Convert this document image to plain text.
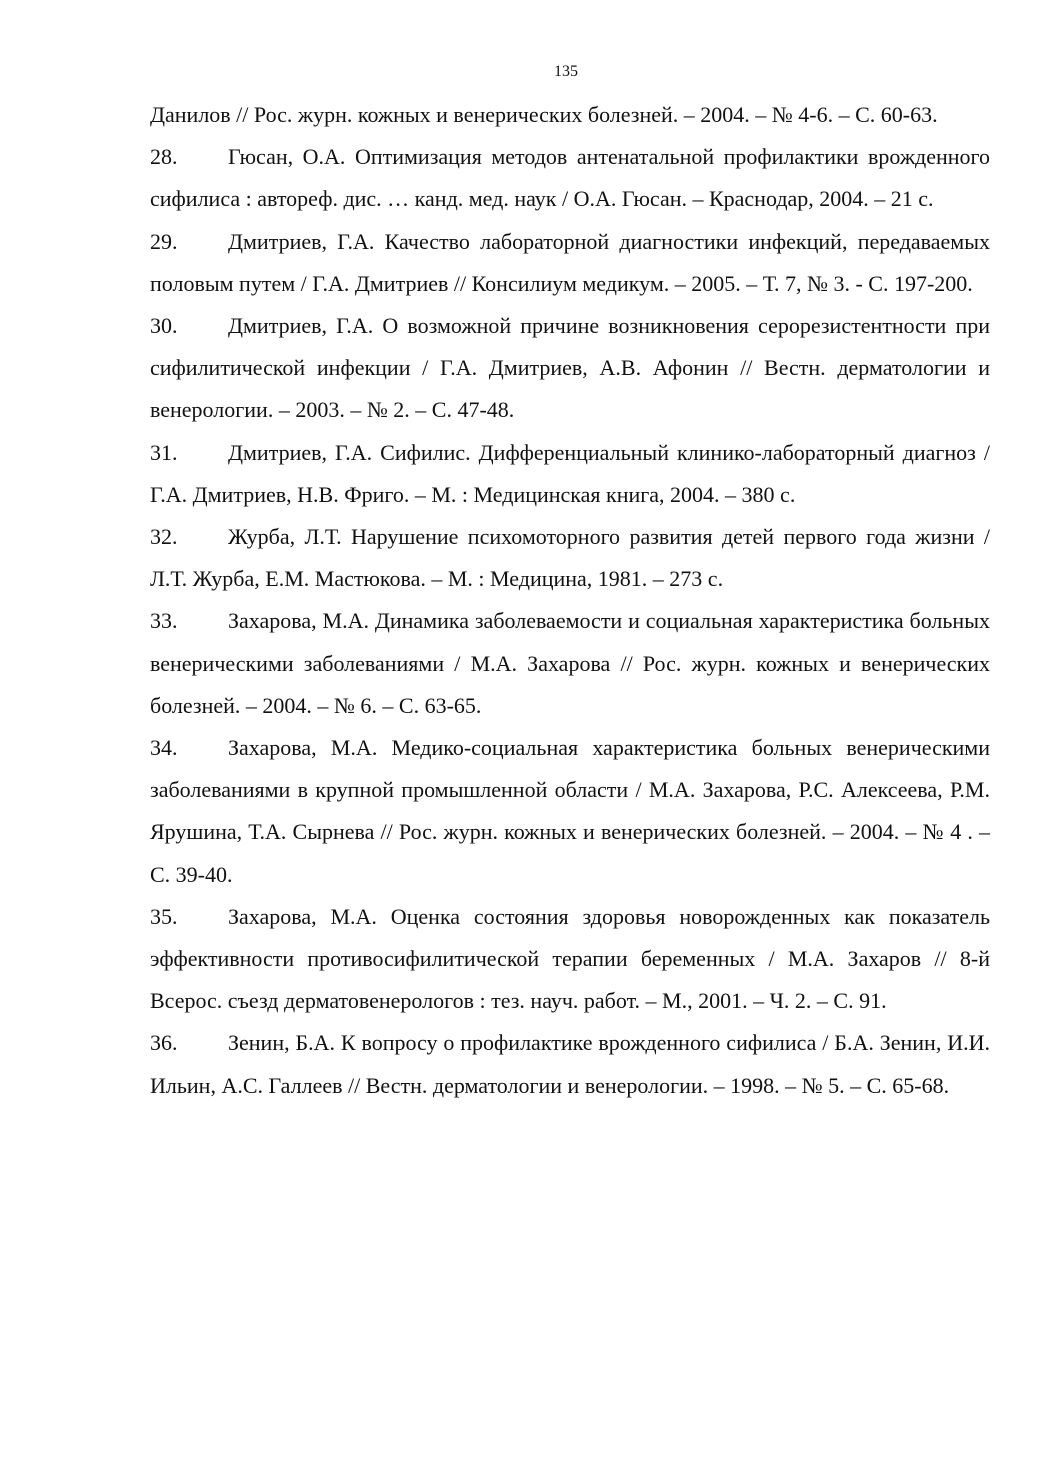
135

Данилов // Рос. журн. кожных и венерических болезней. – 2004. – № 4-6. – С. 60-63.

28. Гюсан, О.А. Оптимизация методов антенатальной профилактики врожденного сифилиса : автореф. дис. … канд. мед. наук / О.А. Гюсан. – Краснодар, 2004. – 21 с.

29. Дмитриев, Г.А. Качество лабораторной диагностики инфекций, передаваемых половым путем / Г.А. Дмитриев // Консилиум медикум. – 2005. – Т. 7, № 3. - С. 197-200.

30. Дмитриев, Г.А. О возможной причине возникновения серорезистентности при сифилитической инфекции / Г.А. Дмитриев, А.В. Афонин // Вестн. дерматологии и венерологии. – 2003. – № 2. – С. 47-48.

31. Дмитриев, Г.А. Сифилис. Дифференциальный клинико-лабораторный диагноз / Г.А. Дмитриев, Н.В. Фриго. – М. : Медицинская книга, 2004. – 380 с.

32. Журба, Л.Т. Нарушение психомоторного развития детей первого года жизни / Л.Т. Журба, Е.М. Мастюкова. – М. : Медицина, 1981. – 273 с.

33. Захарова, М.А. Динамика заболеваемости и социальная характеристика больных венерическими заболеваниями / М.А. Захарова // Рос. журн. кожных и венерических болезней. – 2004. – № 6. – С. 63-65.

34. Захарова, М.А. Медико-социальная характеристика больных венерическими заболеваниями в крупной промышленной области / М.А. Захарова, Р.С. Алексеева, Р.М. Ярушина, Т.А. Сырнева // Рос. журн. кожных и венерических болезней. – 2004. – № 4 . – С. 39-40.

35. Захарова, М.А. Оценка состояния здоровья новорожденных как показатель эффективности противосифилитической терапии беременных / М.А. Захаров // 8-й Всерос. съезд дерматовенерологов : тез. науч. работ. – М., 2001. – Ч. 2. – С. 91.

36. Зенин, Б.А. К вопросу о профилактике врожденного сифилиса / Б.А. Зенин, И.И. Ильин, А.С. Галлеев // Вестн. дерматологии и венерологии. – 1998. – № 5. – С. 65-68.
